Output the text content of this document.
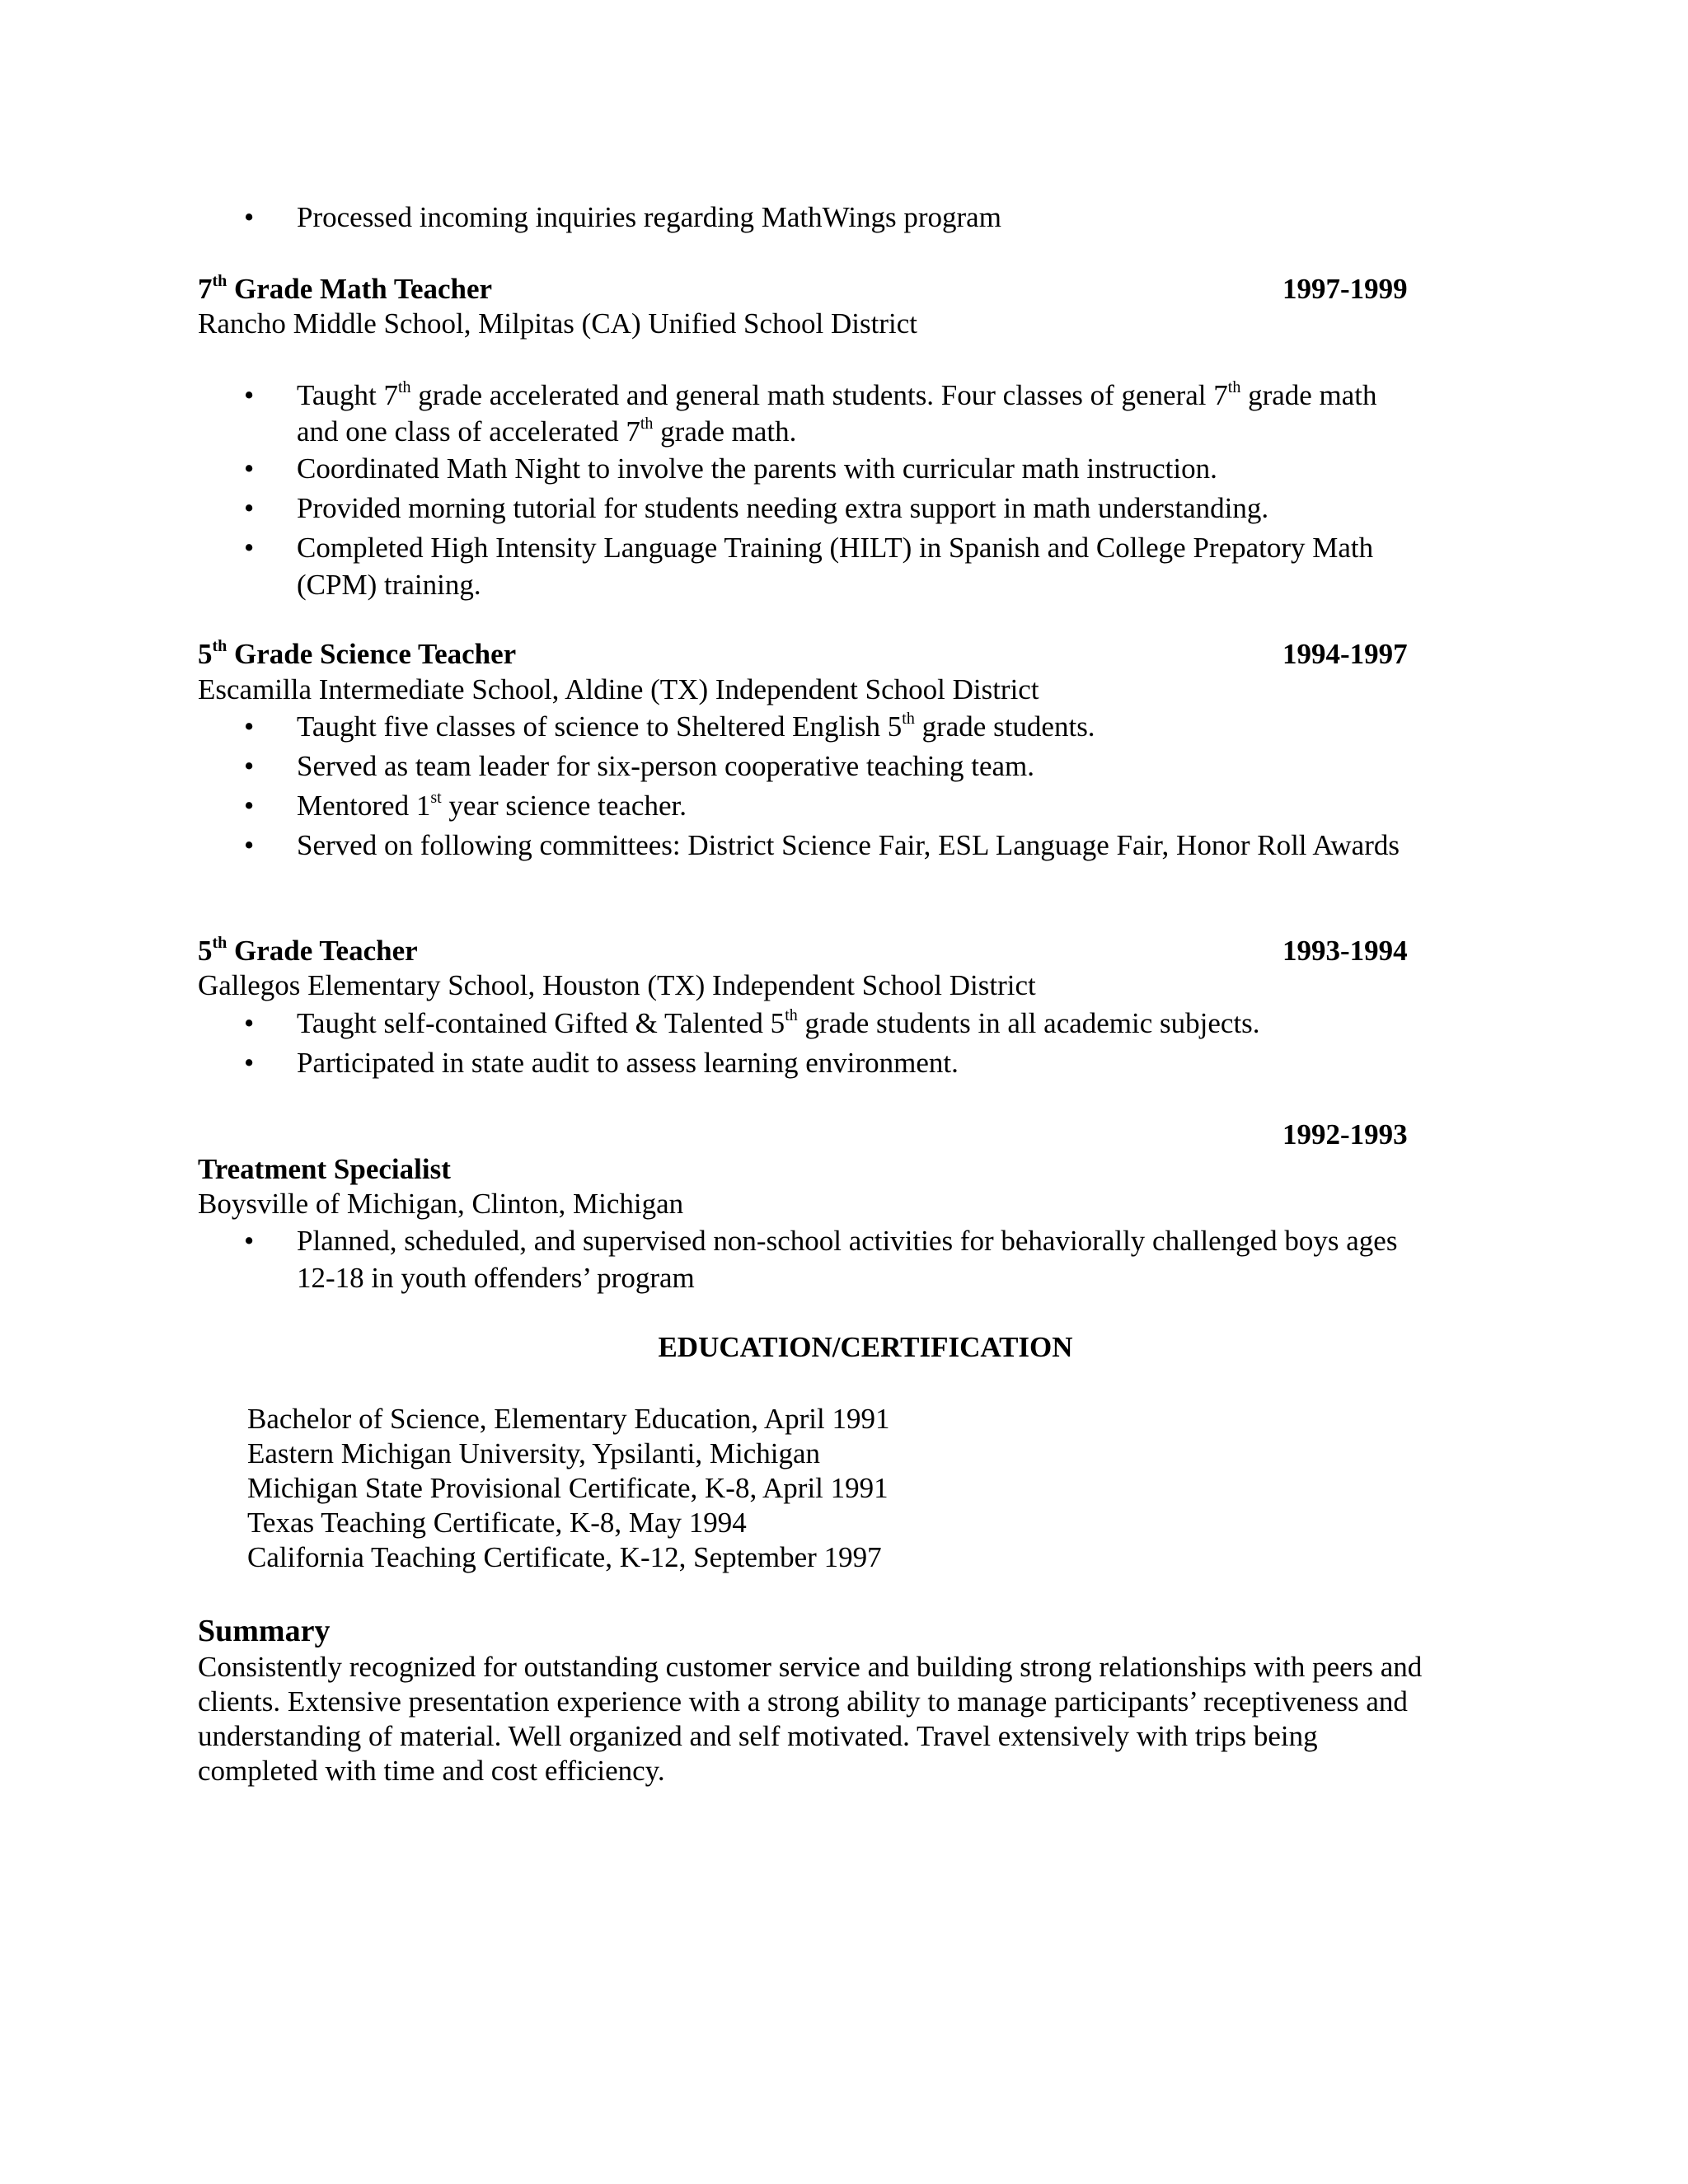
• Processed incoming inquiries regarding MathWings program
7th Grade Math Teacher	1997-1999
Rancho Middle School, Milpitas (CA) Unified School District
• Taught 7th grade accelerated and general math students. Four classes of general 7th grade math
and one class of accelerated 7th grade math.
• Coordinated Math Night to involve the parents with curricular math instruction.
• Provided morning tutorial for students needing extra support in math understanding.
• Completed High Intensity Language Training (HILT) in Spanish and College Prepatory Math
(CPM) training.
5th Grade Science Teacher	1994-1997
Escamilla Intermediate School, Aldine (TX) Independent School District
• Taught five classes of science to Sheltered English 5th grade students.
• Served as team leader for six-person cooperative teaching team.
• Mentored 1st year science teacher.
• Served on following committees: District Science Fair, ESL Language Fair, Honor Roll Awards
5th Grade Teacher	1993-1994
Gallegos Elementary School, Houston (TX) Independent School District
• Taught self-contained Gifted & Talented 5th grade students in all academic subjects.
• Participated in state audit to assess learning environment.
1992-1993
Treatment Specialist
Boysville of Michigan, Clinton, Michigan
• Planned, scheduled, and supervised non-school activities for behaviorally challenged boys ages
12-18 in youth offenders’ program
EDUCATION/CERTIFICATION
Bachelor of Science, Elementary Education, April 1991
Eastern Michigan University, Ypsilanti, Michigan
Michigan State Provisional Certificate, K-8, April 1991
Texas Teaching Certificate, K-8, May 1994
California Teaching Certificate, K-12, September 1997
Summary
Consistently recognized for outstanding customer service and building strong relationships with peers and
clients. Extensive presentation experience with a strong ability to manage participants’ receptiveness and
understanding of material. Well organized and self motivated. Travel extensively with trips being
completed with time and cost efficiency.
